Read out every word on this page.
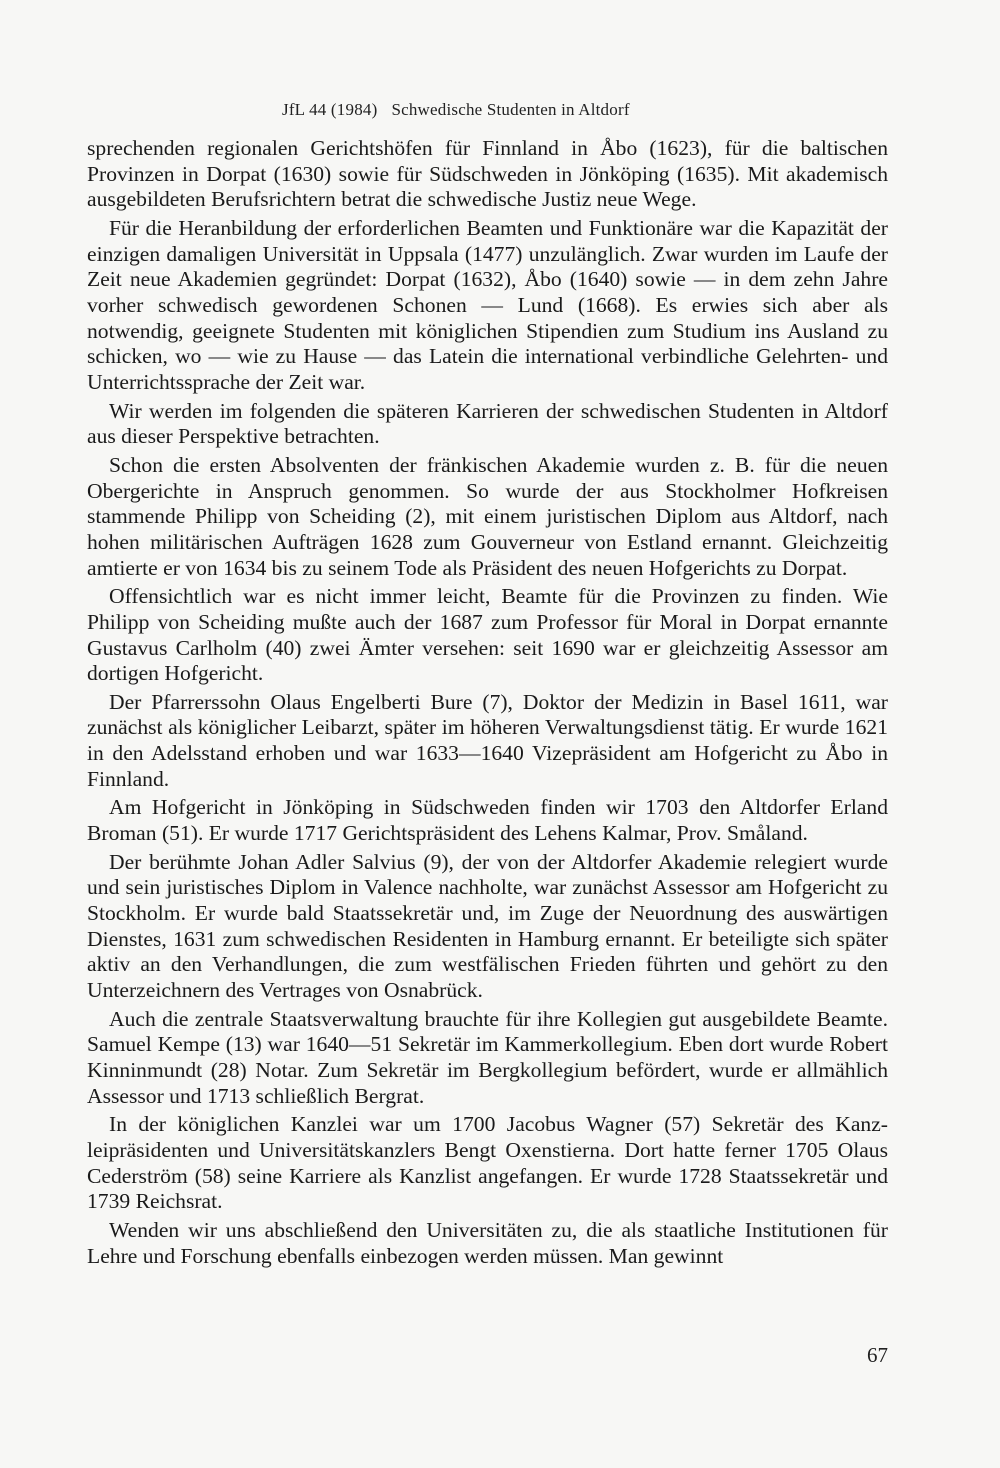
JfL 44 (1984) Schwedische Studenten in Altdorf

sprechenden regionalen Gerichtshöfen für Finnland in Åbo (1623), für die baltischen Provinzen in Dorpat (1630) sowie für Südschweden in Jönköping (1635). Mit akademisch ausgebildeten Berufsrichtern betrat die schwedische Justiz neue Wege.

Für die Heranbildung der erforderlichen Beamten und Funktionäre war die Kapazität der einzigen damaligen Universität in Uppsala (1477) unzulänglich. Zwar wurden im Laufe der Zeit neue Akademien gegründet: Dorpat (1632), Åbo (1640) sowie — in dem zehn Jahre vorher schwedisch gewordenen Schonen — Lund (1668). Es erwies sich aber als notwendig, geeignete Studenten mit königlichen Stipendien zum Studium ins Ausland zu schicken, wo — wie zu Hause — das Latein die international verbindliche Gelehrten- und Unterrichtssprache der Zeit war.

Wir werden im folgenden die späteren Karrieren der schwedischen Studenten in Altdorf aus dieser Perspektive betrachten.

Schon die ersten Absolventen der fränkischen Akademie wurden z. B. für die neuen Obergerichte in Anspruch genommen. So wurde der aus Stockholmer Hofkreisen stammende Philipp von Scheiding (2), mit einem juristischen Diplom aus Altdorf, nach hohen militärischen Aufträgen 1628 zum Gouverneur von Estland ernannt. Gleichzeitig amtierte er von 1634 bis zu seinem Tode als Präsident des neuen Hofgerichts zu Dorpat.

Offensichtlich war es nicht immer leicht, Beamte für die Provinzen zu finden. Wie Philipp von Scheiding mußte auch der 1687 zum Professor für Moral in Dorpat ernannte Gustavus Carlholm (40) zwei Ämter versehen: seit 1690 war er gleichzeitig Assessor am dortigen Hofgericht.

Der Pfarrerssohn Olaus Engelberti Bure (7), Doktor der Medizin in Basel 1611, war zunächst als königlicher Leibarzt, später im höheren Verwaltungsdienst tätig. Er wurde 1621 in den Adelsstand erhoben und war 1633—1640 Vizepräsident am Hofgericht zu Åbo in Finnland.

Am Hofgericht in Jönköping in Südschweden finden wir 1703 den Altdorfer Erland Broman (51). Er wurde 1717 Gerichtspräsident des Lehens Kalmar, Prov. Småland.

Der berühmte Johan Adler Salvius (9), der von der Altdorfer Akademie relegiert wurde und sein juristisches Diplom in Valence nachholte, war zunächst Assessor am Hofgericht zu Stockholm. Er wurde bald Staatssekretär und, im Zuge der Neuordnung des auswärtigen Dienstes, 1631 zum schwedischen Residenten in Hamburg ernannt. Er beteiligte sich später aktiv an den Verhandlungen, die zum westfälischen Frieden führten und gehört zu den Unterzeichnern des Vertrages von Osnabrück.

Auch die zentrale Staatsverwaltung brauchte für ihre Kollegien gut ausgebildete Beamte. Samuel Kempe (13) war 1640—51 Sekretär im Kammerkollegium. Eben dort wurde Robert Kinninmundt (28) Notar. Zum Sekretär im Bergkollegium befördert, wurde er allmählich Assessor und 1713 schließlich Bergrat.

In der königlichen Kanzlei war um 1700 Jacobus Wagner (57) Sekretär des Kanzleipräsidenten und Universitätskanzlers Bengt Oxenstierna. Dort hatte ferner 1705 Olaus Cederström (58) seine Karriere als Kanzlist angefangen. Er wurde 1728 Staatssekretär und 1739 Reichsrat.

Wenden wir uns abschließend den Universitäten zu, die als staatliche Institutionen für Lehre und Forschung ebenfalls einbezogen werden müssen. Man gewinnt

67
